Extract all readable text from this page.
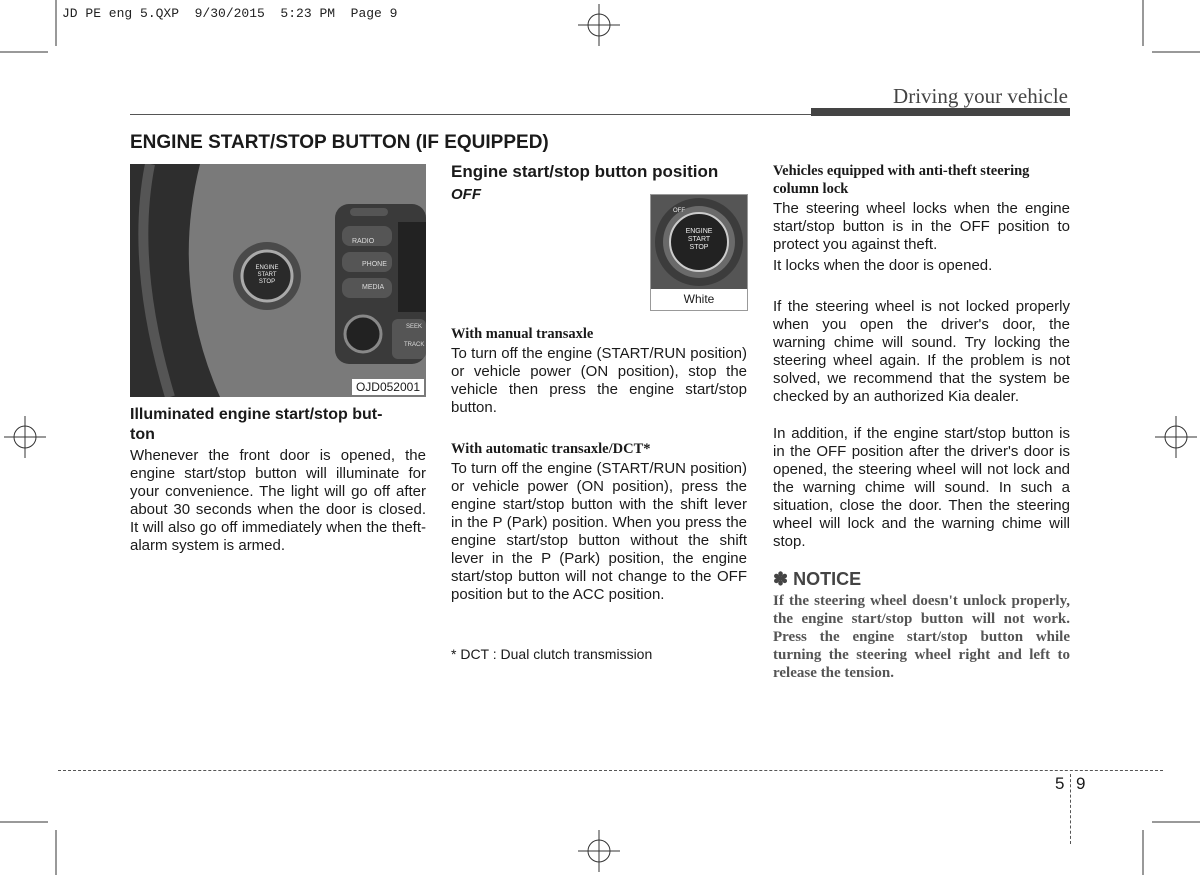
JD PE eng 5.QXP  9/30/2015  5:23 PM  Page 9
Driving your vehicle
ENGINE START/STOP BUTTON (IF EQUIPPED)
RADIO
PHONE
MEDIA
SEEK
TRACK
ENGINE
START
STOP
OJD052001
Illuminated engine start/stop but-
ton
Whenever the front door is opened, the engine start/stop button will illuminate for your convenience. The light will go off after about 30 seconds when the door is closed. It will also go off immediately when the theft-alarm system is armed.
Engine start/stop button position
OFF
ENGINE
START
STOP
OFF
White
With manual transaxle
To turn off the engine (START/RUN position) or vehicle power (ON position), stop the vehicle then press the engine start/stop button.
With automatic transaxle/DCT*
To turn off the engine (START/RUN position) or vehicle power (ON position), press the engine start/stop button with the shift lever in the P (Park) position. When you press the engine start/stop button without the shift lever in the P (Park) position, the engine start/stop button will not change to the OFF position but to the ACC position.
* DCT : Dual clutch transmission
Vehicles equipped with anti-theft steering column lock
The steering wheel locks when the engine start/stop button is in the OFF position to protect you against theft.
It locks when the door is opened.
If the steering wheel is not locked properly when you open the driver's door, the warning chime will sound. Try locking the steering wheel again. If the problem is not solved, we recommend that the system be checked by an authorized Kia dealer.
In addition, if the engine start/stop button is in the OFF position after the driver's door is opened, the steering wheel will not lock and the warning chime will sound. In such a situation, close the door. Then the steering wheel will lock and the warning chime will stop.
✽ NOTICE
If the steering wheel doesn't unlock properly, the engine start/stop button will not work. Press the engine start/stop button while turning the steering wheel right and left to release the tension.
5 9
